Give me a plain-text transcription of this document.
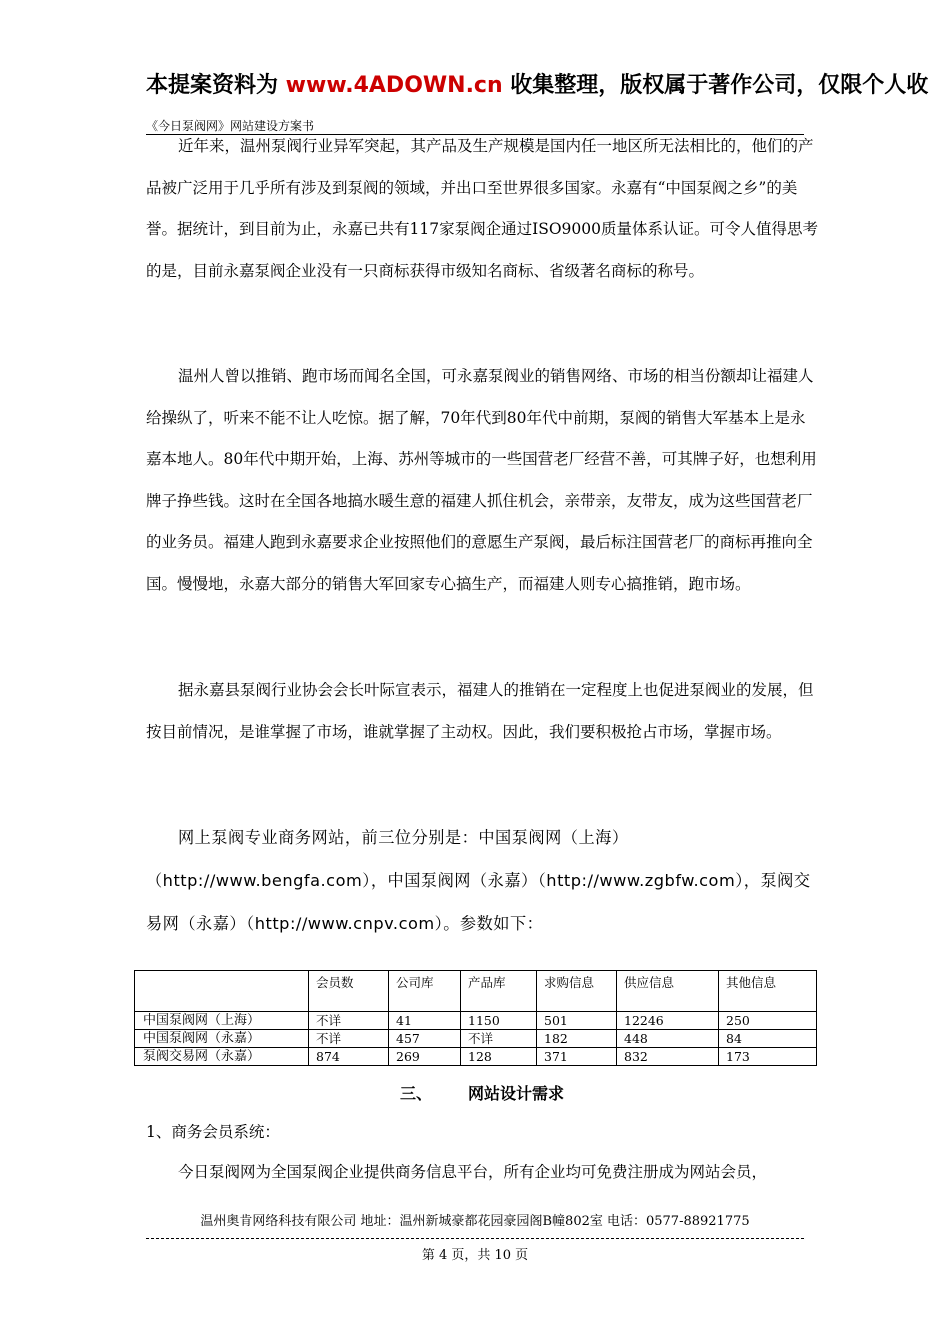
本提案资料为 www.4ADOWN.cn 收集整理，版权属于著作公司，仅限个人收
《今日泵阀网》网站建设方案书

近年来，温州泵阀行业异军突起，其产品及生产规模是国内任一地区所无法相比的，他们的产品被广泛用于几乎所有涉及到泵阀的领域，并出口至世界很多国家。永嘉有“中国泵阀之乡”的美誉。据统计，到目前为止，永嘉已共有117家泵阀企通过ISO9000质量体系认证。可令人值得思考的是，目前永嘉泵阀企业没有一只商标获得市级知名商标、省级著名商标的称号。

温州人曾以推销、跑市场而闻名全国，可永嘉泵阀业的销售网络、市场的相当份额却让福建人给操纵了，听来不能不让人吃惊。据了解，70年代到80年代中前期，泵阀的销售大军基本上是永嘉本地人。80年代中期开始，上海、苏州等城市的一些国营老厂经营不善，可其牌子好，也想利用牌子挣些钱。这时在全国各地搞水暖生意的福建人抓住机会，亲带亲，友带友，成为这些国营老厂的业务员。福建人跑到永嘉要求企业按照他们的意愿生产泵阀，最后标注国营老厂的商标再推向全国。慢慢地，永嘉大部分的销售大军回家专心搞生产，而福建人则专心搞推销，跑市场。

据永嘉县泵阀行业协会会长叶际宣表示，福建人的推销在一定程度上也促进泵阀业的发展，但按目前情况，是谁掌握了市场，谁就掌握了主动权。因此，我们要积极抢占市场，掌握市场。

网上泵阀专业商务网站，前三位分别是：中国泵阀网（上海）（http://www.bengfa.com），中国泵阀网（永嘉）（http://www.zgbfw.com），泵阀交易网（永嘉）（http://www.cnpv.com）。参数如下：

	会员数	公司库	产品库	求购信息	供应信息	其他信息
中国泵阀网（上海）	不详	41	1150	501	12246	250
中国泵阀网（永嘉）	不详	457	不详	182	448	84
泵阀交易网（永嘉）	874	269	128	371	832	173
三、 网站设计需求
1、商务会员系统：

今日泵阀网为全国泵阀企业提供商务信息平台，所有企业均可免费注册成为网站会员，

温州奥肯网络科技有限公司 地址：温州新城豪都花园豪园阁B幢802室 电话：0577-88921775
第 4 页，共 10 页
